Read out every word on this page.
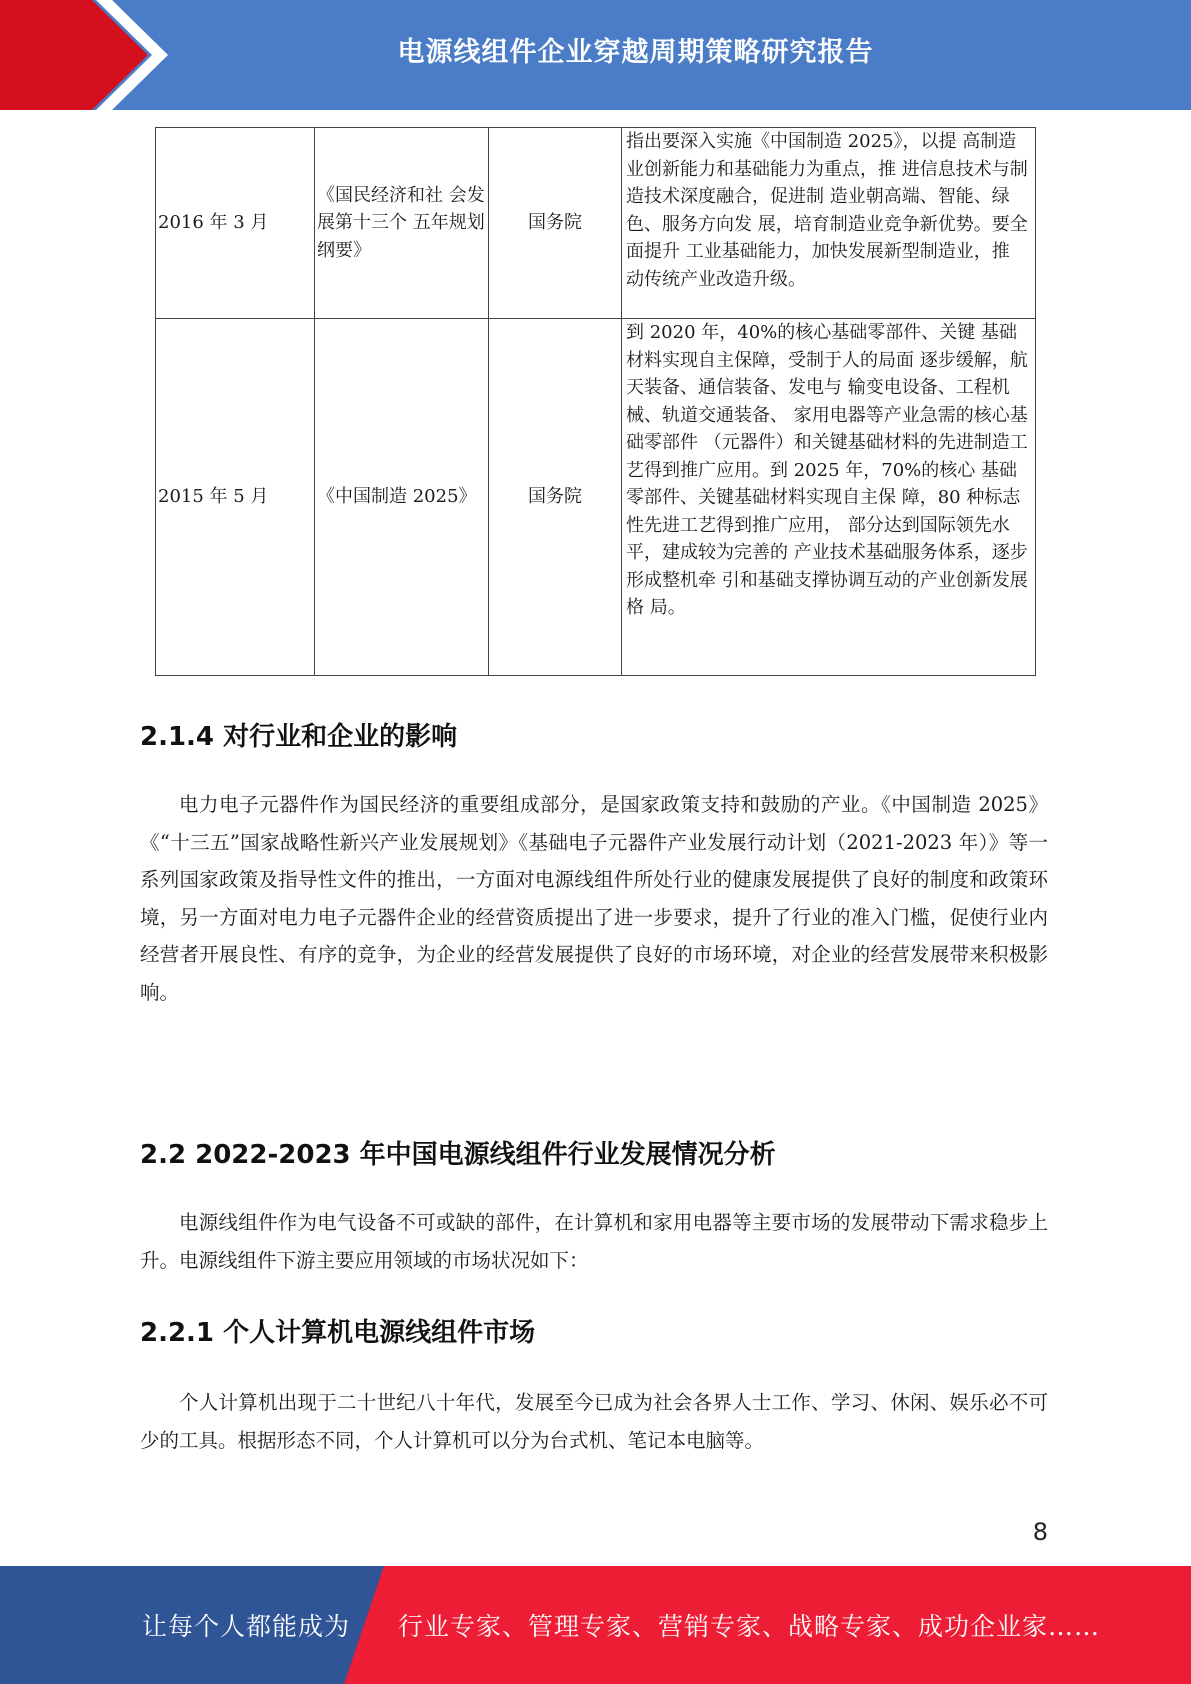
电源线组件企业穿越周期策略研究报告
2016 年 3 月	《国民经济和社 会发展第十三个 五年规划纲要》	国务院	指出要深入实施《中国制造 2025》，以提 高制造业创新能力和基础能力为重点，推 进信息技术与制造技术深度融合，促进制 造业朝高端、智能、绿色、服务方向发 展，培育制造业竞争新优势。要全面提升 工业基础能力，加快发展新型制造业，推 动传统产业改造升级。
2015 年 5 月	《中国制造 2025》	国务院	到 2020 年，40%的核心基础零部件、关键 基础材料实现自主保障，受制于人的局面 逐步缓解，航天装备、通信装备、发电与 输变电设备、工程机械、轨道交通装备、 家用电器等产业急需的核心基础零部件 （元器件）和关键基础材料的先进制造工 艺得到推广应用。到 2025 年，70%的核心 基础零部件、关键基础材料实现自主保 障，80 种标志性先进工艺得到推广应用， 部分达到国际领先水平，建成较为完善的 产业技术基础服务体系，逐步形成整机牵 引和基础支撑协调互动的产业创新发展格 局。
2.1.4 对行业和企业的影响
电力电子元器件作为国民经济的重要组成部分，是国家政策支持和鼓励的产业。《中国制造 2025》《“十三五”国家战略性新兴产业发展规划》《基础电子元器件产业发展行动计划（2021-2023 年）》等一系列国家政策及指导性文件的推出，一方面对电源线组件所处行业的健康发展提供了良好的制度和政策环境，另一方面对电力电子元器件企业的经营资质提出了进一步要求，提升了行业的准入门槛，促使行业内经营者开展良性、有序的竞争，为企业的经营发展提供了良好的市场环境，对企业的经营发展带来积极影响。
2.2 2022-2023 年中国电源线组件行业发展情况分析
电源线组件作为电气设备不可或缺的部件，在计算机和家用电器等主要市场的发展带动下需求稳步上升。电源线组件下游主要应用领域的市场状况如下：
2.2.1 个人计算机电源线组件市场
个人计算机出现于二十世纪八十年代，发展至今已成为社会各界人士工作、学习、休闲、娱乐必不可少的工具。根据形态不同，个人计算机可以分为台式机、笔记本电脑等。
8
让每个人都能成为 行业专家、管理专家、营销专家、战略专家、成功企业家……
